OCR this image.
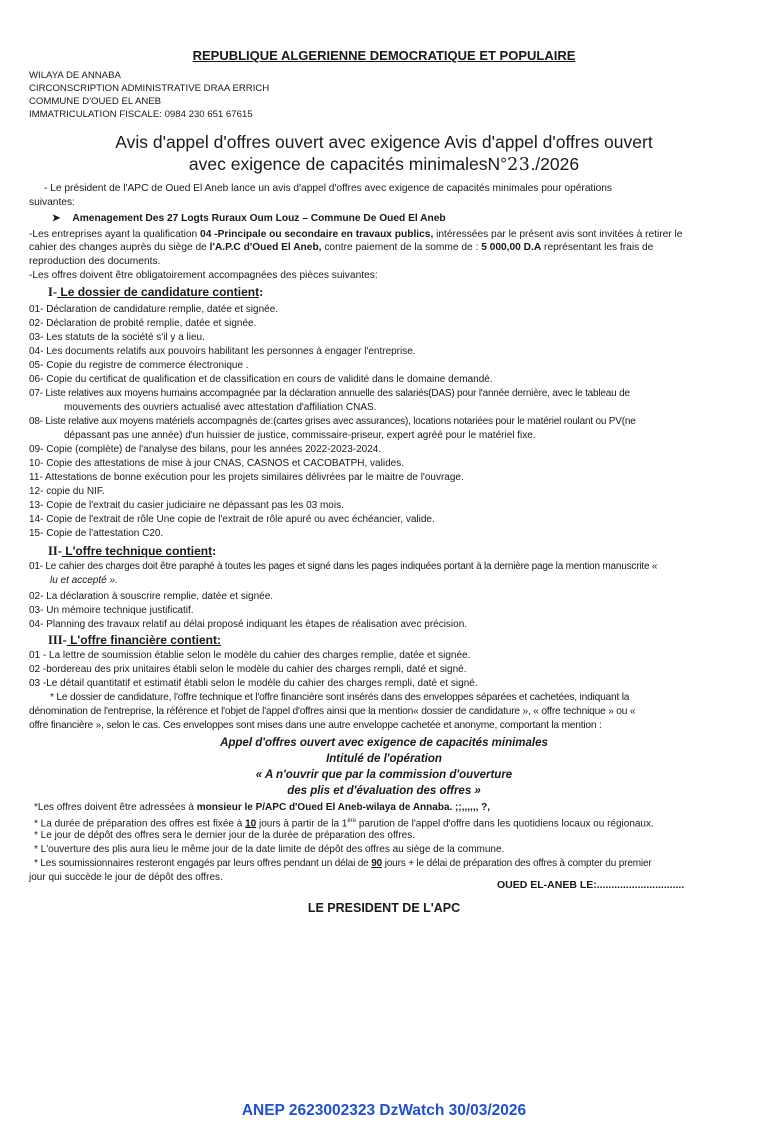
REPUBLIQUE ALGERIENNE DEMOCRATIQUE ET POPULAIRE
WILAYA DE ANNABA
CIRCONSCRIPTION ADMINISTRATIVE DRAA ERRICH
COMMUNE D'OUED EL ANEB
IMMATRICULATION FISCALE: 0984 230 651 67615
Avis d'appel d'offres ouvert avec exigence Avis d'appel d'offres ouvert
avec exigence de capacités minimalesN°23./2026
- Le président de l'APC de Oued El Aneb lance un avis d'appel d'offres avec exigence de capacités minimales pour opérations
suivantes:
➤ Amenagement Des 27 Logts Ruraux Oum Louz – Commune De Oued El Aneb
-Les entreprises ayant la qualification 04 -Principale ou secondaire en travaux publics, intéressées par le présent avis sont invitées à retirer le
cahier des changes auprès du siège de l'A.P.C d'Oued El Aneb, contre paiement de la somme de : 5 000,00 D.A représentant les frais de
reproduction des documents.
-Les offres doivent être obligatoirement accompagnées des pièces suivantes:
I- Le dossier de candidature contient:
01- Déclaration de candidature remplie, datée et signée.
02- Déclaration de probité remplie, datée et signée.
03- Les statuts de la société s'il y a lieu.
04- Les documents relatifs aux pouvoirs habilitant les personnes à engager l'entreprise.
05- Copie du registre de commerce électronique .
06- Copie du certificat de qualification et de classification en cours de validité dans le domaine demandé.
07- Liste relatives aux moyens humains accompagnée par la déclaration annuelle des salariés(DAS) pour l'année dernière, avec le tableau de
mouvements des ouvriers actualisé avec attestation d'affiliation CNAS.
08- Liste relative aux moyens matériels accompagnés de:(cartes grises avec assurances), locations notariées pour le matériel roulant ou PV(ne
dépassant pas une année) d'un huissier de justice, commissaire-priseur, expert agréé pour le matériel fixe.
09- Copie (complète) de l'analyse des bilans, pour les années 2022-2023-2024.
10- Copie des attestations de mise à jour CNAS, CASNOS et CACOBATPH, valides.
11- Attestations de bonne exécution pour les projets similaires délivrées par le maitre de l'ouvrage.
12- copie du NIF.
13- Copie de l'extrait du casier judiciaire ne dépassant pas les 03 mois.
14- Copie de l'extrait de rôle Une copie de l'extrait de rôle apuré ou avec échéancier, valide.
15- Copie de l'attestation C20.
II- L'offre technique contient:
01- Le cahier des charges doit être paraphé à toutes les pages et signé dans les pages indiquées portant à la dernière page la mention manuscrite «
lu et accepté ».
02- La déclaration à souscrire remplie, datée et signée.
03- Un mémoire technique justificatif.
04- Planning des travaux relatif au délai proposé indiquant les étapes de réalisation avec précision.
III- L'offre financière contient:
01 - La lettre de soumission établie selon le modèle du cahier des charges remplie, datée et signée.
02 -bordereau des prix unitaires établi selon le modèle du cahier des charges rempli, daté et signé.
03 -Le détail quantitatif et estimatif établi selon le modèle du cahier des charges rempli, daté et signé.
* Le dossier de candidature, l'offre technique et l'offre financière sont insérés dans des enveloppes séparées et cachetées, indiquant la
dénomination de l'entreprise, la référence et l'objet de l'appel d'offres ainsi que la mention« dossier de candidature », « offre technique » ou «
offre financière », selon le cas. Ces enveloppes sont mises dans une autre enveloppe cachetée et anonyme, comportant la mention :
Appel d'offres ouvert avec exigence de capacités minimales
Intitulé de l'opération
« A n'ouvrir que par la commission d'ouverture
des plis et d'évaluation des offres »
*Les offres doivent être adressées à monsieur le P/APC d'Oued El Aneb-wilaya de Annaba. ;;,,,,,, ?,
* La durée de préparation des offres est fixée à 10 jours à partir de la 1ère parution de l'appel d'offre dans les quotidiens locaux ou régionaux.
* Le jour de dépôt des offres sera le dernier jour de la durée de préparation des offres.
* L'ouverture des plis aura lieu le même jour de la date limite de dépôt des offres au siège de la commune.
* Les soumissionnaires resteront engagés par leurs offres pendant un délai de 90 jours + le délai de préparation des offres à compter du premier
jour qui succède le jour de dépôt des offres.
OUED EL-ANEB LE:..............................
LE PRESIDENT DE L'APC
ANEP 2623002323 DzWatch 30/03/2026
